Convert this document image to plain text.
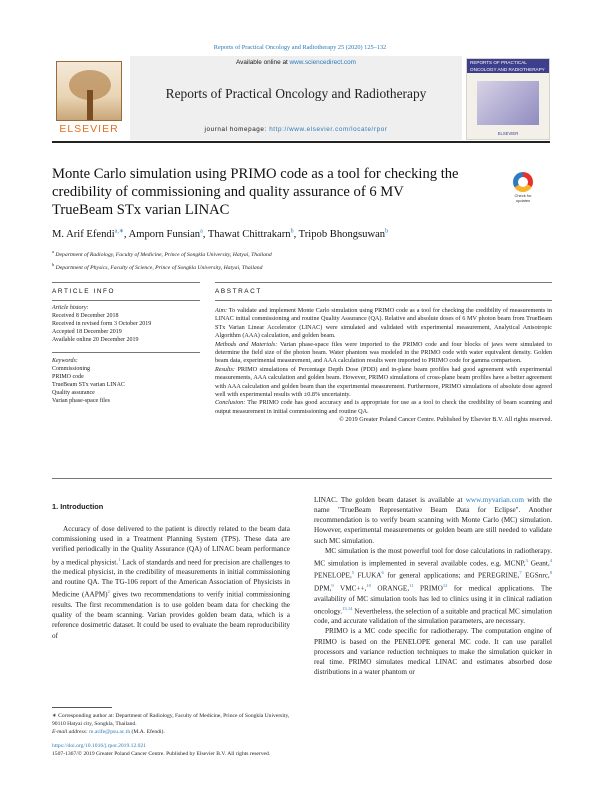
Reports of Practical Oncology and Radiotherapy 25 (2020) 125–132
ELSEVIER
Available online at www.sciencedirect.com
Reports of Practical Oncology and Radiotherapy
journal homepage: http://www.elsevier.com/locate/rpor
REPORTS OF PRACTICAL ONCOLOGY AND RADIOTHERAPY
ELSEVIER
Monte Carlo simulation using PRIMO code as a tool for checking the credibility of commissioning and quality assurance of 6 MV TrueBeam STx varian LINAC
Check for updates
M. Arif Efendi$^{a,∗}$, Amporn Funsian$^a$, Thawat Chittrakarn$^b$, Tripob Bhongsuwan$^b$
$^a$ Department of Radiology, Faculty of Medicine, Prince of Songkla University, Hatyai, Thailand
$^b$ Department of Physics, Faculty of Science, Prince of Songkla University, Hatyai, Thailand
ARTICLE INFO	ABSTRACT
Article history:
Received 8 December 2018
Received in revised form 3 October 2019
Accepted 18 December 2019
Available online 20 December 2019
Keywords:
Commissioning
PRIMO code
TrueBeam STx varian LINAC
Quality assurance
Varian phase-space files

Aim: To validate and implement Monte Carlo simulation using PRIMO code as a tool for checking the credibility of measurements in LINAC initial commissioning and routine Quality Assurance (QA). Relative and absolute doses of 6 MV photon beam from TrueBeam STx Varian Linear Accelerator (LINAC) were simulated and validated with experimental measurement, Analytical Anisotropic Algorithm (AAA) calculation, and golden beam.

Methods and Materials: Varian phase-space files were imported to the PRIMO code and four blocks of jaws were simulated to determine the field size of the photon beam. Water phantom was modeled in the PRIMO code with water equivalent density. Golden beam data, experimental measurement, and AAA calculation results were imported to PRIMO code for gamma comparison.

Results: PRIMO simulations of Percentage Depth Dose (PDD) and in-plane beam profiles had good agreement with experimental measurements, AAA calculation and golden beam. However, PRIMO simulations of cross-plane beam profiles have a better agreement with AAA calculation and golden beam than the experimental measurement. Furthermore, PRIMO simulations of absolute dose agreed well with experimental results with ±0.8% uncertainty.

Conclusion: The PRIMO code has good accuracy and is appropriate for use as a tool to check the credibility of beam scanning and output measurement in initial commissioning and routine QA.

© 2019 Greater Poland Cancer Centre. Published by Elsevier B.V. All rights reserved.

1. Introduction

Accuracy of dose delivered to the patient is directly related to the beam data commissioning used in a Treatment Planning System (TPS). These data are verified periodically in the Quality Assurance (QA) of LINAC beam performance by a medical physicist.$^1$ Lack of standards and need for precision are challenges to the medical physicist, in the credibility of measurements in initial commissioning and routine QA. The TG-106 report of the American Association of Physicists in Medicine (AAPM)$^2$ gives two recommendations to verify initial commissioning results. The first recommendation is to use golden beam data for checking the quality of the beam scanning. Varian provides golden beam data, which is a reference dosimetric dataset. It could be used to evaluate the beam reproducibility of

LINAC. The golden beam dataset is available at www.myvarian.com with the name "TrueBeam Representative Beam Data for Eclipse". Another recommendation is to verify beam scanning with Monte Carlo (MC) simulation. However, experimental measurements or golden beam are still needed to validate such MC simulation.

MC simulation is the most powerful tool for dose calculations in radiotherapy. MC simulation is implemented in several available codes, e.g. MCNP,$^3$ Geant,$^4$ PENELOPE,$^5$ FLUKA$^6$ for general applications; and PEREGRINE,$^7$ EGSnrc,$^8$ DPM,$^9$ VMC++,$^{10}$ ORANGE,$^{11}$ PRIMO$^{12}$ for medical applications. The availability of MC simulation tools has led to clinics using it in clinical radiation oncology.$^{13,14}$ Nevertheless, the selection of a suitable and practical MC simulation code, and accurate validation of the simulation parameters, are necessary.

PRIMO is a MC code specific for radiotherapy. The computation engine of PRIMO is based on the PENELOPE general MC code. It can use parallel processors and variance reduction techniques to make the simulation quicker in real time. PRIMO simulates medical LINAC and estimates absorbed dose distributions in a water phantom or

∗ Corresponding author at: Department of Radiology, Faculty of Medicine, Prince of Songkla University, 90110 Hatyai city, Songkla, Thailand.
E-mail address: m.arife@psu.ac.th (M.A. Efendi).
https://doi.org/10.1016/j.rpor.2019.12.021
1507-1367/© 2019 Greater Poland Cancer Centre. Published by Elsevier B.V. All rights reserved.
